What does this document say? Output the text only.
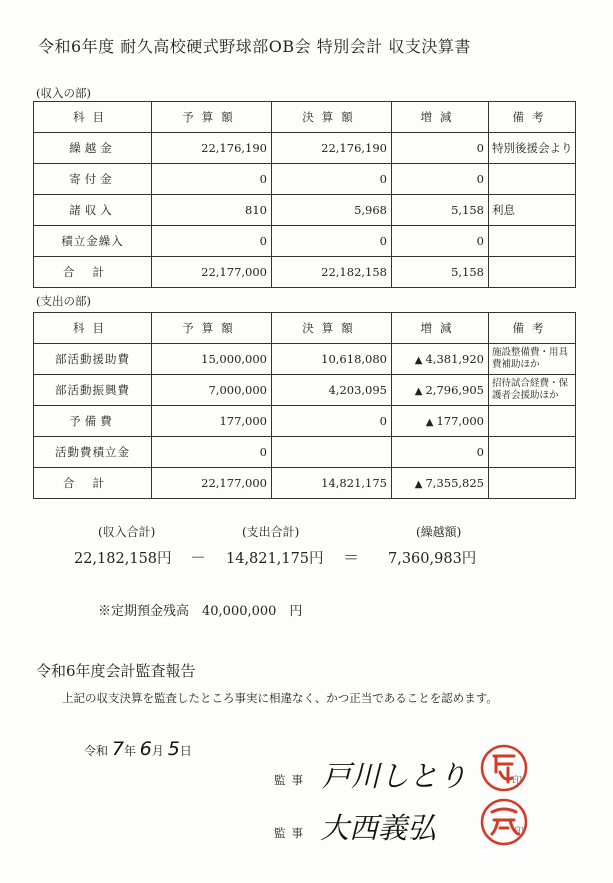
令和6年度 耐久高校硬式野球部OB会 特別会計 収支決算書
(収入の部)
科目	予算額	決算額	増減	備考
繰越金	22,176,190	22,176,190	0	特別後援会より
寄付金	0	0	0	
諸収入	810	5,968	5,158	利息
積立金繰入	0	0	0	
合計	22,177,000	22,182,158	5,158	
(支出の部)
科目	予算額	決算額	増減	備考
部活動援助費	15,000,000	10,618,080	▲ 4,381,920	施設整備費・用具費補助ほか
部活動振興費	7,000,000	4,203,095	▲ 2,796,905	招待試合経費・保護者会援助ほか
予備費	177,000	0	▲ 177,000	
活動費積立金	0		0	
合計	22,177,000	14,821,175	▲ 7,355,825	
(収入合計)
22,182,158円 －
(支出合計)
14,821,175円 ＝
(繰越額)
7,360,983円
※定期預金残高　40,000,000　円
令和6年度会計監査報告
上記の収支決算を監査したところ事実に相違なく、かつ正当であることを認めます。
令和 7年 6月 5日
監事 戸川しとり	印
監事 大西義弘	印
